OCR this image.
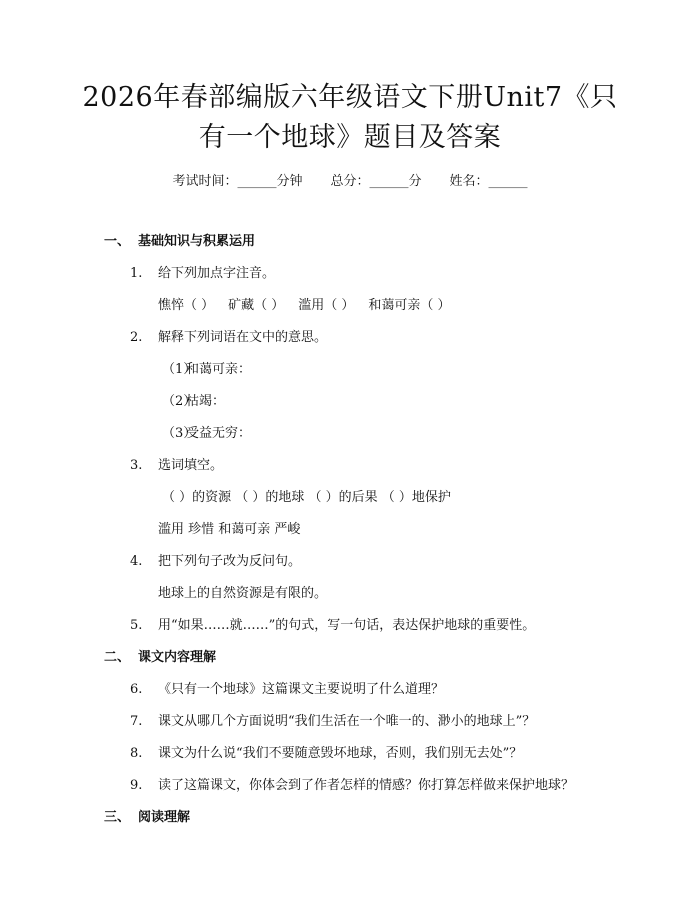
2026年春部编版六年级语文下册Unit7《只
有一个地球》题目及答案
考试时间：______分钟 总分：______分 姓名：______
一、 基础知识与积累运用
1. 给下列加点字注音。
憔悴（ ） 矿藏（ ） 滥用（ ） 和蔼可亲（ ）
2. 解释下列词语在文中的意思。
（1）和蔼可亲：
（2）枯竭：
（3）受益无穷：
3. 选词填空。
（ ）的资源 （ ）的地球 （ ）的后果 （ ）地保护
滥用 珍惜 和蔼可亲 严峻
4. 把下列句子改为反问句。
地球上的自然资源是有限的。
5. 用“如果……就……”的句式，写一句话，表达保护地球的重要性。
二、 课文内容理解
6. 《只有一个地球》这篇课文主要说明了什么道理？
7. 课文从哪几个方面说明“我们生活在一个唯一的、渺小的地球上”？
8. 课文为什么说“我们不要随意毁坏地球，否则，我们别无去处”？
9. 读了这篇课文，你体会到了作者怎样的情感？你打算怎样做来保护地球？
三、 阅读理解
